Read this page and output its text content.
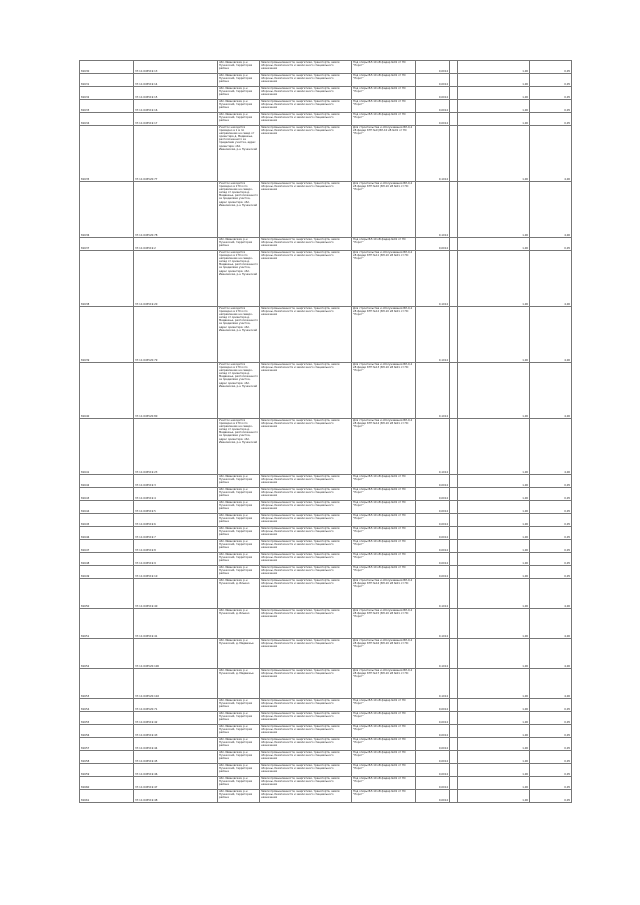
81630	37:11:045519:13	обл. Ивановская, р-н Пучежский, территория района	Земли промышленности, энергетики, транспорта, земли обороны, безопасности и земли иного специального назначения	Под опоры ВЛ-10 кВ фидер №01 от ПС "Порог"	0,0014		1,00	0,05
81631	37:11:045519:14	обл. Ивановская, р-н Пучежский, территория района	Земли промышленности, энергетики, транспорта, земли обороны, безопасности и земли иного специального назначения	Под опоры ВЛ-10 кВ фидер №01 от ПС "Порог"	0,0014		1,00	0,05
81632	37:11:045519:15	обл. Ивановская, р-н Пучежский, территория района	Земли промышленности, энергетики, транспорта, земли обороны, безопасности и земли иного специального назначения	Под опоры ВЛ-10 кВ фидер №01 от ПС "Порог"	0,0014		1,00	0,05
81633	37:11:045519:16	обл. Ивановская, р-н Пучежский, территория района	Земли промышленности, энергетики, транспорта, земли обороны, безопасности и земли иного специального назначения	Под опоры ВЛ-10 кВ фидер №01 от ПС "Порог"	0,0014		1,00	0,05
81634	37:11:045519:17	обл. Ивановская, р-н Пучежский, территория района	Земли промышленности, энергетики, транспорта, земли обороны, безопасности и земли иного специального назначения	Под опоры ВЛ-10 кВ фидер №01 от ПС "Порог"	0,0014		1,00	0,05
81635	37:11:045520:77	Участок находится примерно в 1 м по направлению на север от ориентира д. Медвежье, расположенного за пределами участка, адрес ориентира: обл. Ивановская, р-н Пучежский	Земли промышленности, энергетики, транспорта, земли обороны, безопасности и земли иного специального назначения	Для строительства и обслуживания ВЛ-0,4 кВ фидер КТП №9 (ВЛ-10 кВ №01 от ПС "Порог"	0,1014		1,00	4,00
81636	37:11:045520:78	Участок находится примерно в 170 м по направлению на северо-запад от ориентира д. Медвежье, расположенного за пределами участка, адрес ориентира: обл. Ивановская, р-н Пучежский	Земли промышленности, энергетики, транспорта, земли обороны, безопасности и земли иного специального назначения	Для строительства и обслуживания ВЛ-0,4 кВ фидер КТП №10 (ВЛ-10 кВ №01 от ПС "Порог"	0,1014		1,00	4,00
81637	37:11:045519:2	обл. Ивановская, р-н Пучежский, территория района	Земли промышленности, энергетики, транспорта, земли обороны, безопасности и земли иного специального назначения	Под опоры ВЛ-10 кВ фидер №01 от ПС "Порог"	0,0014		1,00	0,05
81638	37:11:045519:20	Участок находится примерно в 170 м по направлению на северо-запад от ориентира д. Медвежье, расположенного за пределами участка, адрес ориентира: обл. Ивановская, р-н Пучежский	Земли промышленности, энергетики, транспорта, земли обороны, безопасности и земли иного специального назначения	Для строительства и обслуживания ВЛ-0,4 кВ фидер КТП №11 (ВЛ-10 кВ №01 от ПС "Порог"	0,1014		1,00	4,00
81639	37:11:045520:79	Участок находится примерно в 170 м по направлению на северо-запад от ориентира д. Медвежье, расположенного за пределами участка, адрес ориентира: обл. Ивановская, р-н Пучежский	Земли промышленности, энергетики, транспорта, земли обороны, безопасности и земли иного специального назначения	Для строительства и обслуживания ВЛ-0,4 кВ фидер КТП №12 (ВЛ-10 кВ №01 от ПС "Порог"	0,1014		1,00	4,00
81640	37:11:045520:80	Участок находится примерно в 170 м по направлению на северо-запад от ориентира д. Медвежье, расположенного за пределами участка, адрес ориентира: обл. Ивановская, р-н Пучежский	Земли промышленности, энергетики, транспорта, земли обороны, безопасности и земли иного специального назначения	Для строительства и обслуживания ВЛ-0,4 кВ фидер КТП №13 (ВЛ-10 кВ №01 от ПС "Порог"	0,1014		1,00	4,00
81641	37:11:045519:23	Участок находится примерно в 170 м по направлению на северо-запад от ориентира д. Медвежье, расположенного за пределами участка, адрес ориентира: обл. Ивановская, р-н Пучежский	Земли промышленности, энергетики, транспорта, земли обороны, безопасности и земли иного специального назначения	Для строительства и обслуживания ВЛ-0,4 кВ фидер КТП №14 (ВЛ-10 кВ №01 от ПС "Порог"	0,1014		1,00	4,00
81642	37:11:045519:3	обл. Ивановская, р-н Пучежский, территория района	Земли промышленности, энергетики, транспорта, земли обороны, безопасности и земли иного специального назначения	Под опоры ВЛ-10 кВ фидер №01 от ПС "Порог"	0,0014		1,00	0,05
81643	37:11:045519:4	обл. Ивановская, р-н Пучежский, территория района	Земли промышленности, энергетики, транспорта, земли обороны, безопасности и земли иного специального назначения	Под опоры ВЛ-10 кВ фидер №01 от ПС "Порог"	0,0014		1,00	0,05
81644	37:11:045519:5	обл. Ивановская, р-н Пучежский, территория района	Земли промышленности, энергетики, транспорта, земли обороны, безопасности и земли иного специального назначения	Под опоры ВЛ-10 кВ фидер №01 от ПС "Порог"	0,0014		1,00	0,05
81645	37:11:045519:6	обл. Ивановская, р-н Пучежский, территория района	Земли промышленности, энергетики, транспорта, земли обороны, безопасности и земли иного специального назначения	Под опоры ВЛ-10 кВ фидер №01 от ПС "Порог"	0,0014		1,00	0,05
81646	37:11:045519:7	обл. Ивановская, р-н Пучежский, территория района	Земли промышленности, энергетики, транспорта, земли обороны, безопасности и земли иного специального назначения	Под опоры ВЛ-10 кВ фидер №01 от ПС "Порог"	0,0014		1,00	0,05
81647	37:11:045519:8	обл. Ивановская, р-н Пучежский, территория района	Земли промышленности, энергетики, транспорта, земли обороны, безопасности и земли иного специального назначения	Под опоры ВЛ-10 кВ фидер №01 от ПС "Порог"	0,0014		1,00	0,05
81648	37:11:045519:9	обл. Ивановская, р-н Пучежский, территория района	Земли промышленности, энергетики, транспорта, земли обороны, безопасности и земли иного специального назначения	Под опоры ВЛ-10 кВ фидер №01 от ПС "Порог"	0,0014		1,00	0,05
81649	37:11:045519:10	обл. Ивановская, р-н Пучежский, территория района	Земли промышленности, энергетики, транспорта, земли обороны, безопасности и земли иного специального назначения	Под опоры ВЛ-10 кВ фидер №01 от ПС "Порог"	0,0014		1,00	0,05
81650	37:11:045519:40	обл. Ивановская, р-н Пучежский, д. Ильино	Земли промышленности, энергетики, транспорта, земли обороны, безопасности и земли иного специального назначения	Для строительства и обслуживания ВЛ-0,4 кВ фидер КТП №14 (ВЛ-10 кВ №01 от ПС "Порог"	0,1014		1,00	4,00
81651	37:11:045519:41	обл. Ивановская, р-н Пучежский, д. Ильино	Земли промышленности, энергетики, транспорта, земли обороны, безопасности и земли иного специального назначения	Для строительства и обслуживания ВЛ-0,4 кВ фидер КТП №15 (ВЛ-10 кВ №01 от ПС "Порог"	0,1014		1,00	4,00
81652	37:11:045520:100	обл. Ивановская, р-н Пучежский, д. Медвежье	Земли промышленности, энергетики, транспорта, земли обороны, безопасности и земли иного специального назначения	Для строительства и обслуживания ВЛ-0,4 кВ фидер КТП №16 (ВЛ-10 кВ №01 от ПС "Порог"	0,1014		1,00	4,00
81653	37:11:045520:102	обл. Ивановская, р-н Пучежский, д. Медвежье	Земли промышленности, энергетики, транспорта, земли обороны, безопасности и земли иного специального назначения	Для строительства и обслуживания ВЛ-0,4 кВ фидер КТП №17 (ВЛ-10 кВ №01 от ПС "Порог"	0,1014		1,00	4,00
81654	37:11:045520:71	обл. Ивановская, р-н Пучежский, территория района	Земли промышленности, энергетики, транспорта, земли обороны, безопасности и земли иного специального назначения	Под опоры ВЛ-10 кВ фидер №01 от ПС "Порог"	0,0014		1,00	0,05
81655	37:11:045519:42	обл. Ивановская, р-н Пучежский, территория района	Земли промышленности, энергетики, транспорта, земли обороны, безопасности и земли иного специального назначения	Под опоры ВЛ-10 кВ фидер №01 от ПС "Порог"	0,0014		1,00	0,05
81656	37:11:045519:43	обл. Ивановская, р-н Пучежский, территория района	Земли промышленности, энергетики, транспорта, земли обороны, безопасности и земли иного специального назначения	Под опоры ВЛ-10 кВ фидер №01 от ПС "Порог"	0,0014		1,00	0,05
81657	37:11:045519:44	обл. Ивановская, р-н Пучежский, территория района	Земли промышленности, энергетики, транспорта, земли обороны, безопасности и земли иного специального назначения	Под опоры ВЛ-10 кВ фидер №01 от ПС "Порог"	0,0014		1,00	0,05
81658	37:11:045519:45	обл. Ивановская, р-н Пучежский, территория района	Земли промышленности, энергетики, транспорта, земли обороны, безопасности и земли иного специального назначения	Под опоры ВЛ-10 кВ фидер №01 от ПС "Порог"	0,0014		1,00	0,05
81659	37:11:045519:46	обл. Ивановская, р-н Пучежский, территория района	Земли промышленности, энергетики, транспорта, земли обороны, безопасности и земли иного специального назначения	Под опоры ВЛ-10 кВ фидер №01 от ПС "Порог"	0,0014		1,00	0,05
81660	37:11:045519:47	обл. Ивановская, р-н Пучежский, территория района	Земли промышленности, энергетики, транспорта, земли обороны, безопасности и земли иного специального назначения	Под опоры ВЛ-10 кВ фидер №01 от ПС "Порог"	0,0014		1,00	0,05
81661	37:11:045519:48	обл. Ивановская, р-н Пучежский, территория района	Земли промышленности, энергетики, транспорта, земли обороны, безопасности и земли иного специального назначения	Под опоры ВЛ-10 кВ фидер №01 от ПС "Порог"	0,0014		1,00	0,05
